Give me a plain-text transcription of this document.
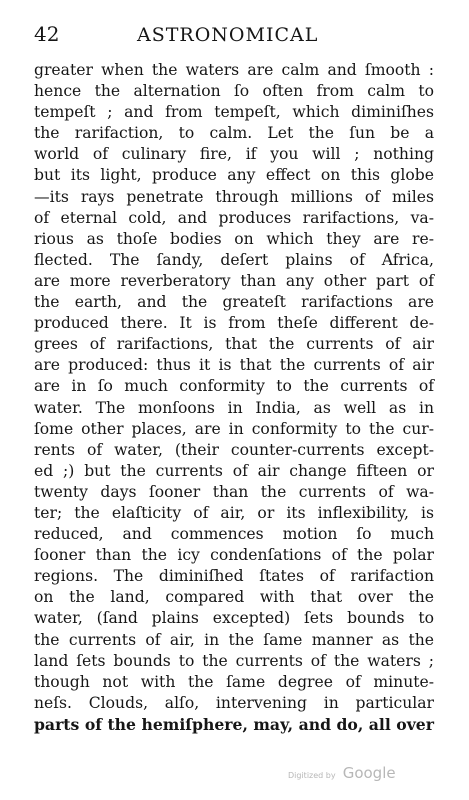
42	ASTRONOMICAL
greater when the waters are calm and ſmooth :
hence the alternation ſo often from calm to
tempeſt ; and from tempeſt, which diminiſhes
the rarifaction, to calm. Let the ſun be a
world of culinary fire, if you will ; nothing
but its light, produce any effect on this globe
—its rays penetrate through millions of miles
of eternal cold, and produces rarifactions, va-
rious as thoſe bodies on which they are re-
flected. The ſandy, deſert plains of Africa,
are more reverberatory than any other part of
the earth, and the greateſt rarifactions are
produced there. It is from theſe different de-
grees of rarifactions, that the currents of air
are produced: thus it is that the currents of air
are in ſo much conformity to the currents of
water. The monſoons in India, as well as in
ſome other places, are in conformity to the cur-
rents of water, (their counter-currents except-
ed ;) but the currents of air change fifteen or
twenty days ſooner than the currents of wa-
ter; the elaſticity of air, or its inflexibility, is
reduced, and commences motion ſo much
ſooner than the icy condenſations of the polar
regions. The diminiſhed ſtates of rarifaction
on the land, compared with that over the
water, (ſand plains excepted) ſets bounds to
the currents of air, in the ſame manner as the
land ſets bounds to the currents of the waters ;
though not with the ſame degree of minute-
neſs. Clouds, alſo, intervening in particular
parts of the hemiſphere, may, and do, all over
Digitized by Google
